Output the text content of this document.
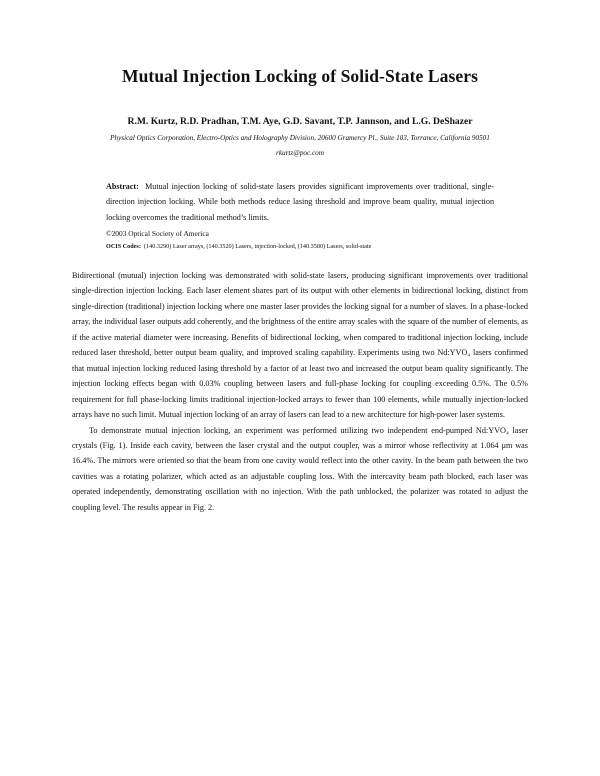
Mutual Injection Locking of Solid-State Lasers
R.M. Kurtz, R.D. Pradhan, T.M. Aye, G.D. Savant, T.P. Jannson, and L.G. DeShazer
Physical Optics Corporation, Electro-Optics and Holography Division, 20600 Gramercy Pl., Suite 103, Torrance, California 90501
rkurtz@poc.com
Abstract: Mutual injection locking of solid-state lasers provides significant improvements over traditional, single-direction injection locking. While both methods reduce lasing threshold and improve beam quality, mutual injection locking overcomes the traditional method’s limits.
©2003 Optical Society of America
OCIS Codes: (140.3290) Laser arrays, (140.3520) Lasers, injection-locked, (140.3580) Lasers, solid-state

Bidirectional (mutual) injection locking was demonstrated with solid-state lasers, producing significant improvements over traditional single-direction injection locking. Each laser element shares part of its output with other elements in bidirectional locking, distinct from single-direction (traditional) injection locking where one master laser provides the locking signal for a number of slaves. In a phase-locked array, the individual laser outputs add coherently, and the brightness of the entire array scales with the square of the number of elements, as if the active material diameter were increasing. Benefits of bidirectional locking, when compared to traditional injection locking, include reduced laser threshold, better output beam quality, and improved scaling capability. Experiments using two Nd:YVO₄ lasers confirmed that mutual injection locking reduced lasing threshold by a factor of at least two and increased the output beam quality significantly. The injection locking effects began with 0.03% coupling between lasers and full-phase locking for coupling exceeding 0.5%. The 0.5% requirement for full phase-locking limits traditional injection-locked arrays to fewer than 100 elements, while mutually injection-locked arrays have no such limit. Mutual injection locking of an array of lasers can lead to a new architecture for high-power laser systems.

To demonstrate mutual injection locking, an experiment was performed utilizing two independent end-pumped Nd:YVO₄ laser crystals (Fig. 1). Inside each cavity, between the laser crystal and the output coupler, was a mirror whose reflectivity at 1.064 μm was 16.4%. The mirrors were oriented so that the beam from one cavity would reflect into the other cavity. In the beam path between the two cavities was a rotating polarizer, which acted as an adjustable coupling loss. With the intercavity beam path blocked, each laser was operated independently, demonstrating oscillation with no injection. With the path unblocked, the polarizer was rotated to adjust the coupling level. The results appear in Fig. 2.
